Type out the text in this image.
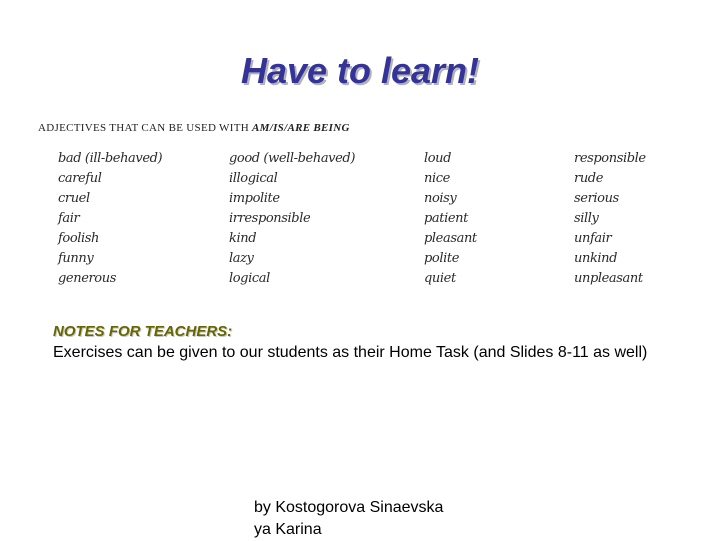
Have to learn!
ADJECTIVES THAT CAN BE USED WITH AM/IS/ARE BEING
bad (ill-behaved)
careful
cruel
fair
foolish
funny
generous
good (well-behaved)
illogical
impolite
irresponsible
kind
lazy
logical
loud
nice
noisy
patient
pleasant
polite
quiet
responsible
rude
serious
silly
unfair
unkind
unpleasant
NOTES FOR TEACHERS:
Exercises can be given to our students as their Home Task (and Slides 8-11 as well)
by Kostogorova Sinaevska
ya Karina
